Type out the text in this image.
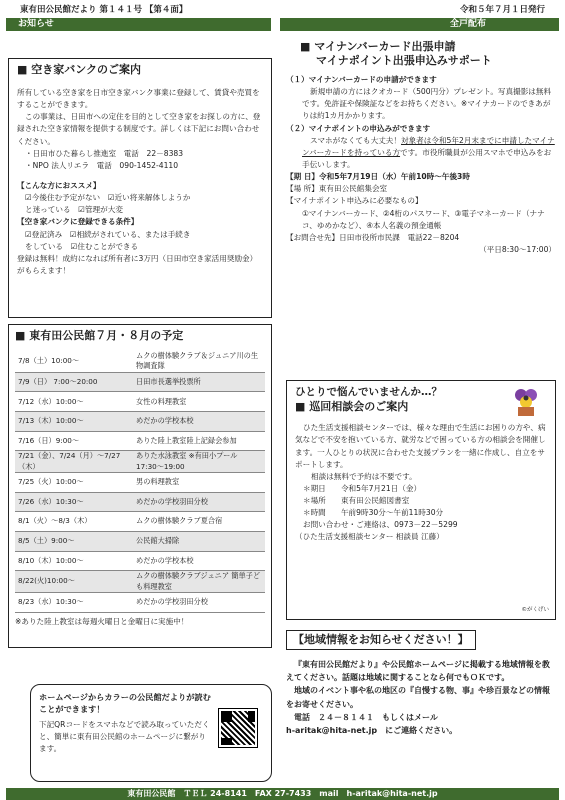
東有田公民館だより 第１４１号 【第４面】	令和５年７月１日発行
お知らせ	全戸配布
■ 空き家バンクのご案内
所有している空き家を日市空き家バンク事業に登録して、賃貸や売買をすることができます。
この事業は、日田市への定住を目的として空き家をお探しの方に、登録された空き家情報を提供する制度です。詳しくは下記にお問い合わせください。
・日田市ひた暮らし推進室　電話　22－8383
・NPO 法人リエラ　電話　090-1452-4110
【こんな方におススメ】
☑今後住む予定がない　☑近い将来解体しようか
と迷っている　☑管理が大変
【空き家バンクに登録できる条件】
☑登記済み　☑相続がされている、または手続き
をしている　☑住むことができる
登録は無料！成約になれば所有者に3万円（日田市空き家活用奨励金）がもらえます！
■ 東有田公民館７月・８月の予定
7/8（土）10:00～	ムクの樹体験クラブ＆ジュニア川の生物調査隊
7/9（日） 7:00～20:00	日田市長選挙投票所
7/12（水）10:00～	女性の料理教室
7/13（木）10:00～	めだかの学校本校
7/16（日）9:00～	ありた陸上教室陸上記録会参加
7/21（金）、7/24（月）～7/27（木）	ありた水泳教室 ※有田小プール　17:30～19:00
7/25（火）10:00～	男の料理教室
7/26（水）10:30～	めだかの学校羽田分校
8/1（火）～8/3（木）	ムクの樹体験クラブ夏合宿
8/5（土）9:00～	公民館大掃除
8/10（木）10:00～	めだかの学校本校
8/22(火)10:00～	ムクの樹体験クラブジュニア 簡単子ども料理教室
8/23（水）10:30～	めだかの学校羽田分校
※ありた陸上教室は毎週火曜日と金曜日に実施中！
ホームページからカラーの公民館だよりが読むことができます！
下記QRコードをスマホなどで読み取っていただくと、簡単に東有田公民館のホームページに繋がります。
■ マイナンバーカード出張申請
マイナポイント出張申込みサポート
（１）マイナンバーカードの申請ができます
新規申請の方にはクオカード（500円分）プレゼント。写真撮影は無料です。免許証や保険証などをお持ちください。※マイナカードのできあがりは約1カ月かかります。
（２）マイナポイントの申込みができます
スマホがなくても大丈夫！対象者は令和5年2月末までに申請したマイナンバーカードを持っている方です。市役所職員が公用スマホで申込みをお手伝いします。
【期 日】令和5年7月19日（水）午前10時～午後3時
【場 所】東有田公民館集会室
【マイナポイント申込みに必要なもの】
①マイナンバーカード、②4桁のパスワード、③電子マネーカード（ナナコ、ゆめかなど）、④本人名義の預金通帳
【お問合せ先】日田市役所市民課　電話22－8204
（平日8:30～17:00）
ひとりで悩んでいませんか…？
■ 巡回相談会のご案内
ひた生活支援相談センターでは、様々な理由で生活にお困りの方や、病気などで不安を抱いている方、就労などで困っている方の相談会を開催します。一人ひとりの状況に合わせた支援プランを一緒に作成し、自立をサポートします。
相談は無料で予約は不要です。
＊期日　　令和5年7月21日（金）
＊場所　　東有田公民館図書室
＊時間　　午前9時30分～午前11時30分
お問い合わせ・ご連絡は、0973－22－5299
（ひた生活支援相談センター 相談員 江藤）
©がくげい
【地域情報をお知らせください！】
『東有田公民館だより』や公民館ホームページに掲載する地域情報を教えてください。話題は地域に関することなら何でもＯＫです。
地域のイベント事や私の地区の『自慢する物、事』や珍百景などの情報をお寄せください。
電話　２４－８１４１　もしくはメール
h-aritak@hita-net.jp　にご連絡ください。
東有田公民館　ＴＥＬ 24-8141　FAX 27-7433　mail　h-aritak@hita-net.jp
